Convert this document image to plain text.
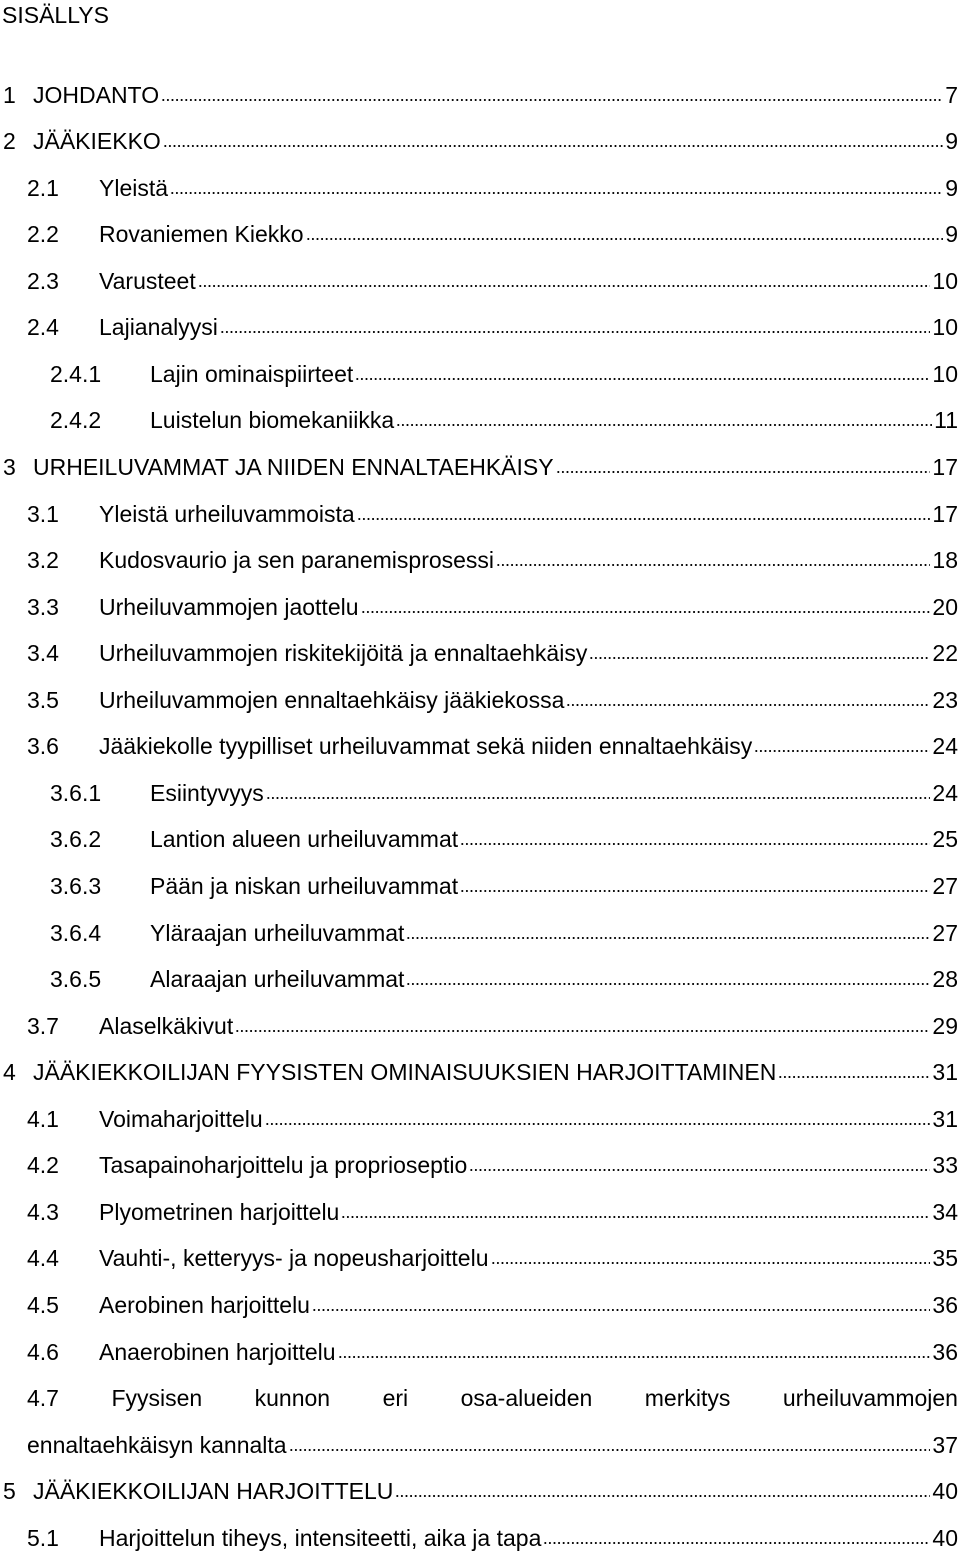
SISÄLLYS
1 JOHDANTO	7
2 JÄÄKIEKKO	9
2.1	Yleistä	9
2.2	Rovaniemen Kiekko	9
2.3	Varusteet	10
2.4	Lajianalyysi	10
2.4.1	Lajin ominaispiirteet	10
2.4.2	Luistelun biomekaniikka	11
3 URHEILUVAMMAT JA NIIDEN ENNALTAEHKÄISY	17
3.1	Yleistä urheiluvammoista	17
3.2	Kudosvaurio ja sen paranemisprosessi	18
3.3	Urheiluvammojen jaottelu	20
3.4	Urheiluvammojen riskitekijöitä ja ennaltaehkäisy	22
3.5	Urheiluvammojen ennaltaehkäisy jääkiekossa	23
3.6	Jääkiekolle tyypilliset urheiluvammat sekä niiden ennaltaehkäisy	24
3.6.1	Esiintyvyys	24
3.6.2	Lantion alueen urheiluvammat	25
3.6.3	Pään ja niskan urheiluvammat	27
3.6.4	Yläraajan urheiluvammat	27
3.6.5	Alaraajan urheiluvammat	28
3.7	Alaselkäkivut	29
4 JÄÄKIEKKOILIJAN FYYSISTEN OMINAISUUKSIEN HARJOITTAMINEN	31
4.1	Voimaharjoittelu	31
4.2	Tasapainoharjoittelu ja proprioseptio	33
4.3	Plyometrinen harjoittelu	34
4.4	Vauhti-, ketteryys- ja nopeusharjoittelu	35
4.5	Aerobinen harjoittelu	36
4.6	Anaerobinen harjoittelu	36
4.7 Fyysisen kunnon eri osa-alueiden merkitys urheiluvammojen
ennaltaehkäisyn kannalta	37
5 JÄÄKIEKKOILIJAN HARJOITTELU	40
5.1	Harjoittelun tiheys, intensiteetti, aika ja tapa	40
